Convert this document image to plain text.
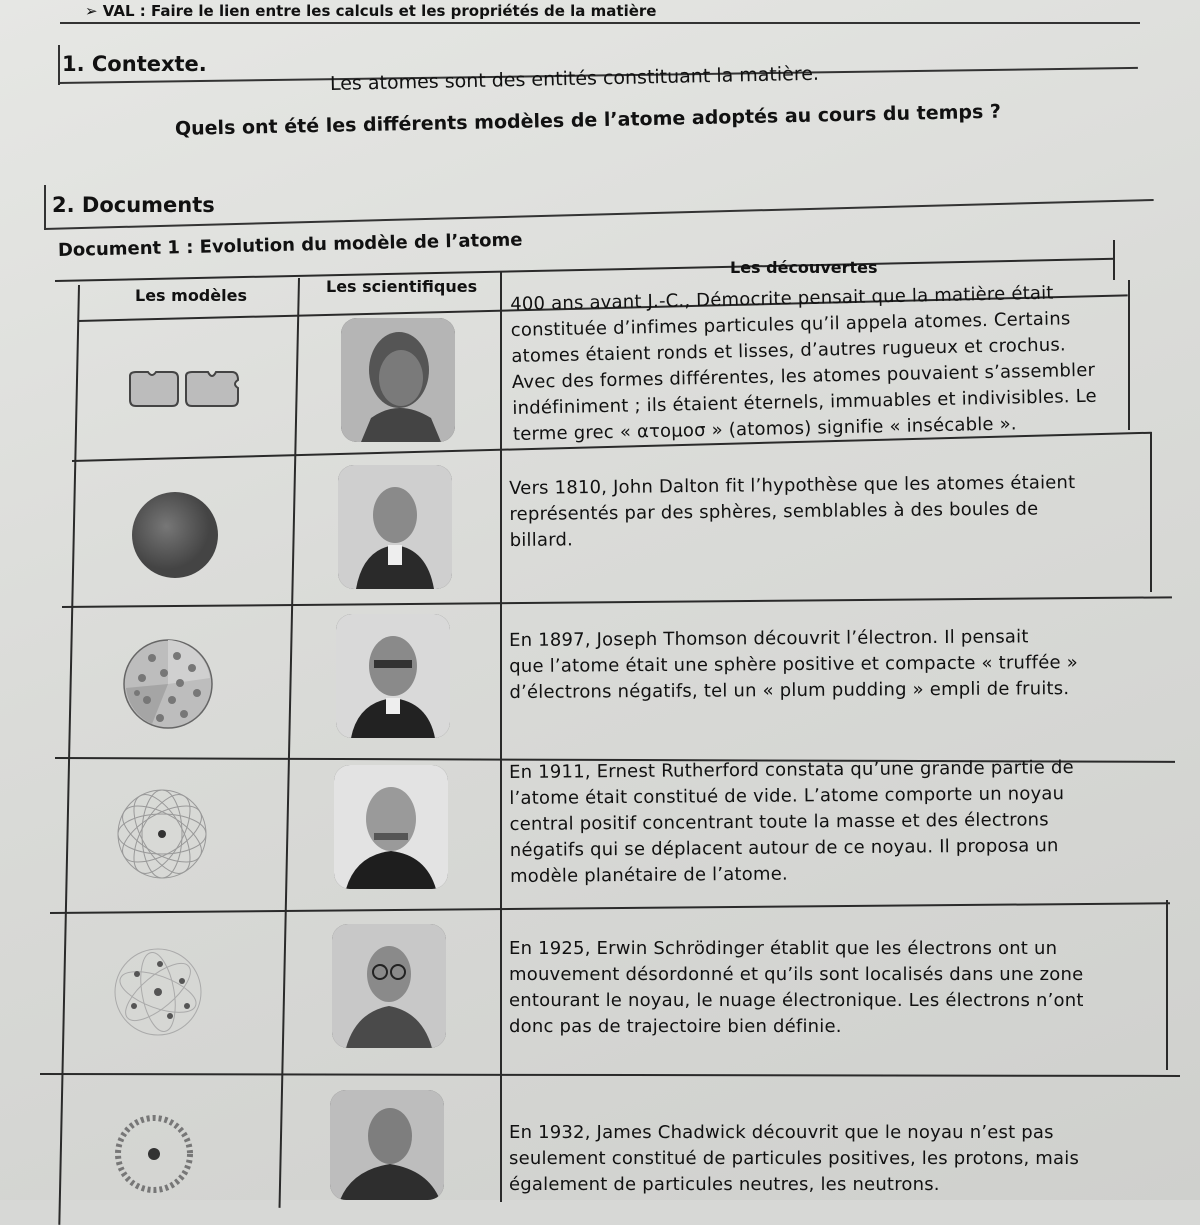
➢ VAL : Faire le lien entre les calculs et les propriétés de la matière
1. Contexte.	Les atomes sont des entités constituant la matière.
Quels ont été les différents modèles de l’atome adoptés au cours du temps ?
2. Documents
Document 1 : Evolution du modèle de l’atome
Les modèles	Les scientifiques
Les découvertes
400 ans avant J.-C., Démocrite pensait que la matière était
constituée d’infimes particules qu’il appela atomes. Certains
atomes étaient ronds et lisses, d’autres rugueux et crochus.
Avec des formes différentes, les atomes pouvaient s’assembler
indéfiniment ; ils étaient éternels, immuables et indivisibles. Le
terme grec « ατομοσ » (atomos) signifie « insécable ».
Vers 1810, John Dalton fit l’hypothèse que les atomes étaient
représentés par des sphères, semblables à des boules de
billard.
En 1897, Joseph Thomson découvrit l’électron. Il pensait
que l’atome était une sphère positive et compacte « truffée »
d’électrons négatifs, tel un « plum pudding » empli de fruits.
En 1911, Ernest Rutherford constata qu’une grande partie de
l’atome était constitué de vide. L’atome comporte un noyau
central positif concentrant toute la masse et des électrons
négatifs qui se déplacent autour de ce noyau. Il proposa un
modèle planétaire de l’atome.
En 1925, Erwin Schrödinger établit que les électrons ont un
mouvement désordonné et qu’ils sont localisés dans une zone
entourant le noyau, le nuage électronique. Les électrons n’ont
donc pas de trajectoire bien définie.
En 1932, James Chadwick découvrit que le noyau n’est pas
seulement constitué de particules positives, les protons, mais
également de particules neutres, les neutrons.
